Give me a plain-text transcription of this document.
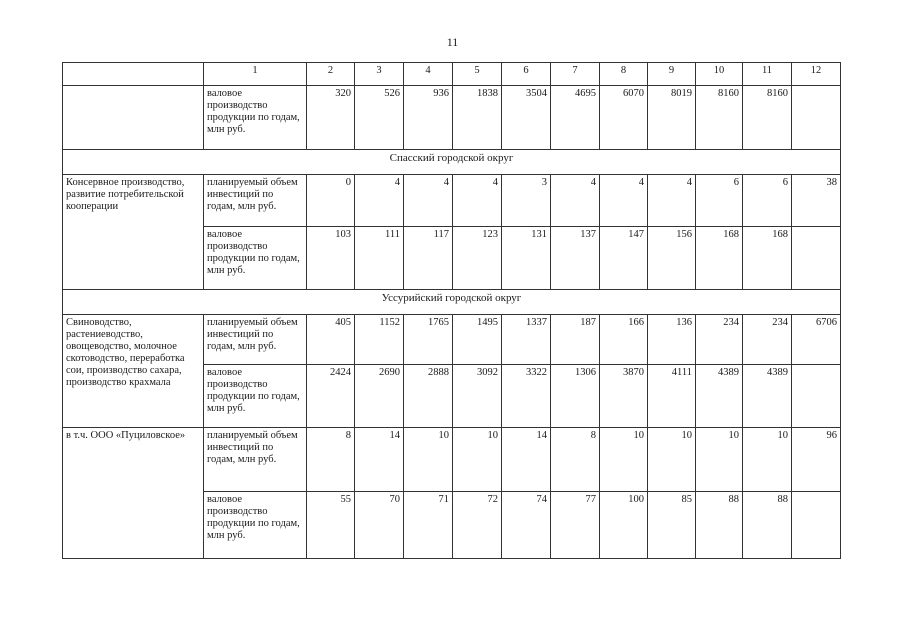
11
	1	2	3	4	5	6	7	8	9	10	11	12
	валовое производство продукции по годам, млн руб.	320	526	936	1838	3504	4695	6070	8019	8160	8160	
Спасский городской округ												
Консервное производство, развитие потребительской кооперации	планируемый объем инвестиций по годам, млн руб.	0	4	4	4	3	4	4	4	6	6	38
	валовое производство продукции по годам, млн руб.	103	111	117	123	131	137	147	156	168	168	
Уссурийский городской округ												
Свиноводство, растениеводство, овощеводство, молочное скотоводство, переработка сои, производство сахара, производство крахмала	планируемый объем инвестиций по годам, млн руб.	405	1152	1765	1495	1337	187	166	136	234	234	6706
	валовое производство продукции по годам, млн руб.	2424	2690	2888	3092	3322	1306	3870	4111	4389	4389	
в т.ч. ООО «Пуциловское»	планируемый объем инвестиций по годам, млн руб.	8	14	10	10	14	8	10	10	10	10	96
	валовое производство продукции по годам, млн руб.	55	70	71	72	74	77	100	85	88	88	
